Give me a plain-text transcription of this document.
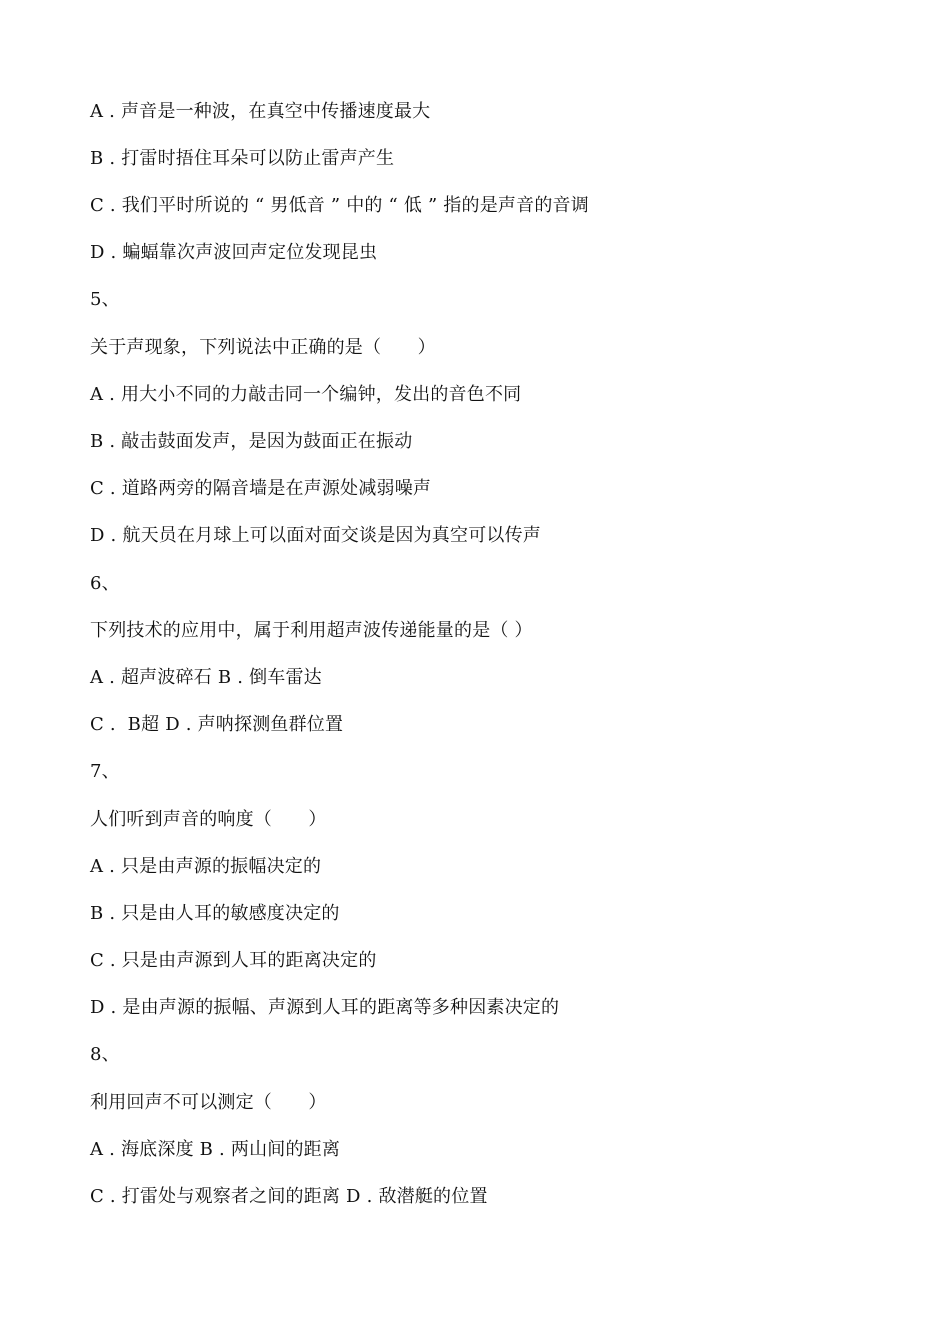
A . 声音是一种波，在真空中传播速度最大
B . 打雷时捂住耳朵可以防止雷声产生
C . 我们平时所说的 “ 男低音 ” 中的 “ 低 ” 指的是声音的音调
D . 蝙蝠靠次声波回声定位发现昆虫
5、
关于声现象，下列说法中正确的是（　　）
A . 用大小不同的力敲击同一个编钟，发出的音色不同
B . 敲击鼓面发声，是因为鼓面正在振动
C . 道路两旁的隔音墙是在声源处减弱噪声
D . 航天员在月球上可以面对面交谈是因为真空可以传声
6、
下列技术的应用中，属于利用超声波传递能量的是（ ）
A . 超声波碎石 B . 倒车雷达
C .  B超 D . 声呐探测鱼群位置
7、
人们听到声音的响度（　　）
A . 只是由声源的振幅决定的
B . 只是由人耳的敏感度决定的
C . 只是由声源到人耳的距离决定的
D . 是由声源的振幅、声源到人耳的距离等多种因素决定的
8、
利用回声不可以测定（　　）
A . 海底深度 B . 两山间的距离
C . 打雷处与观察者之间的距离 D . 敌潜艇的位置
